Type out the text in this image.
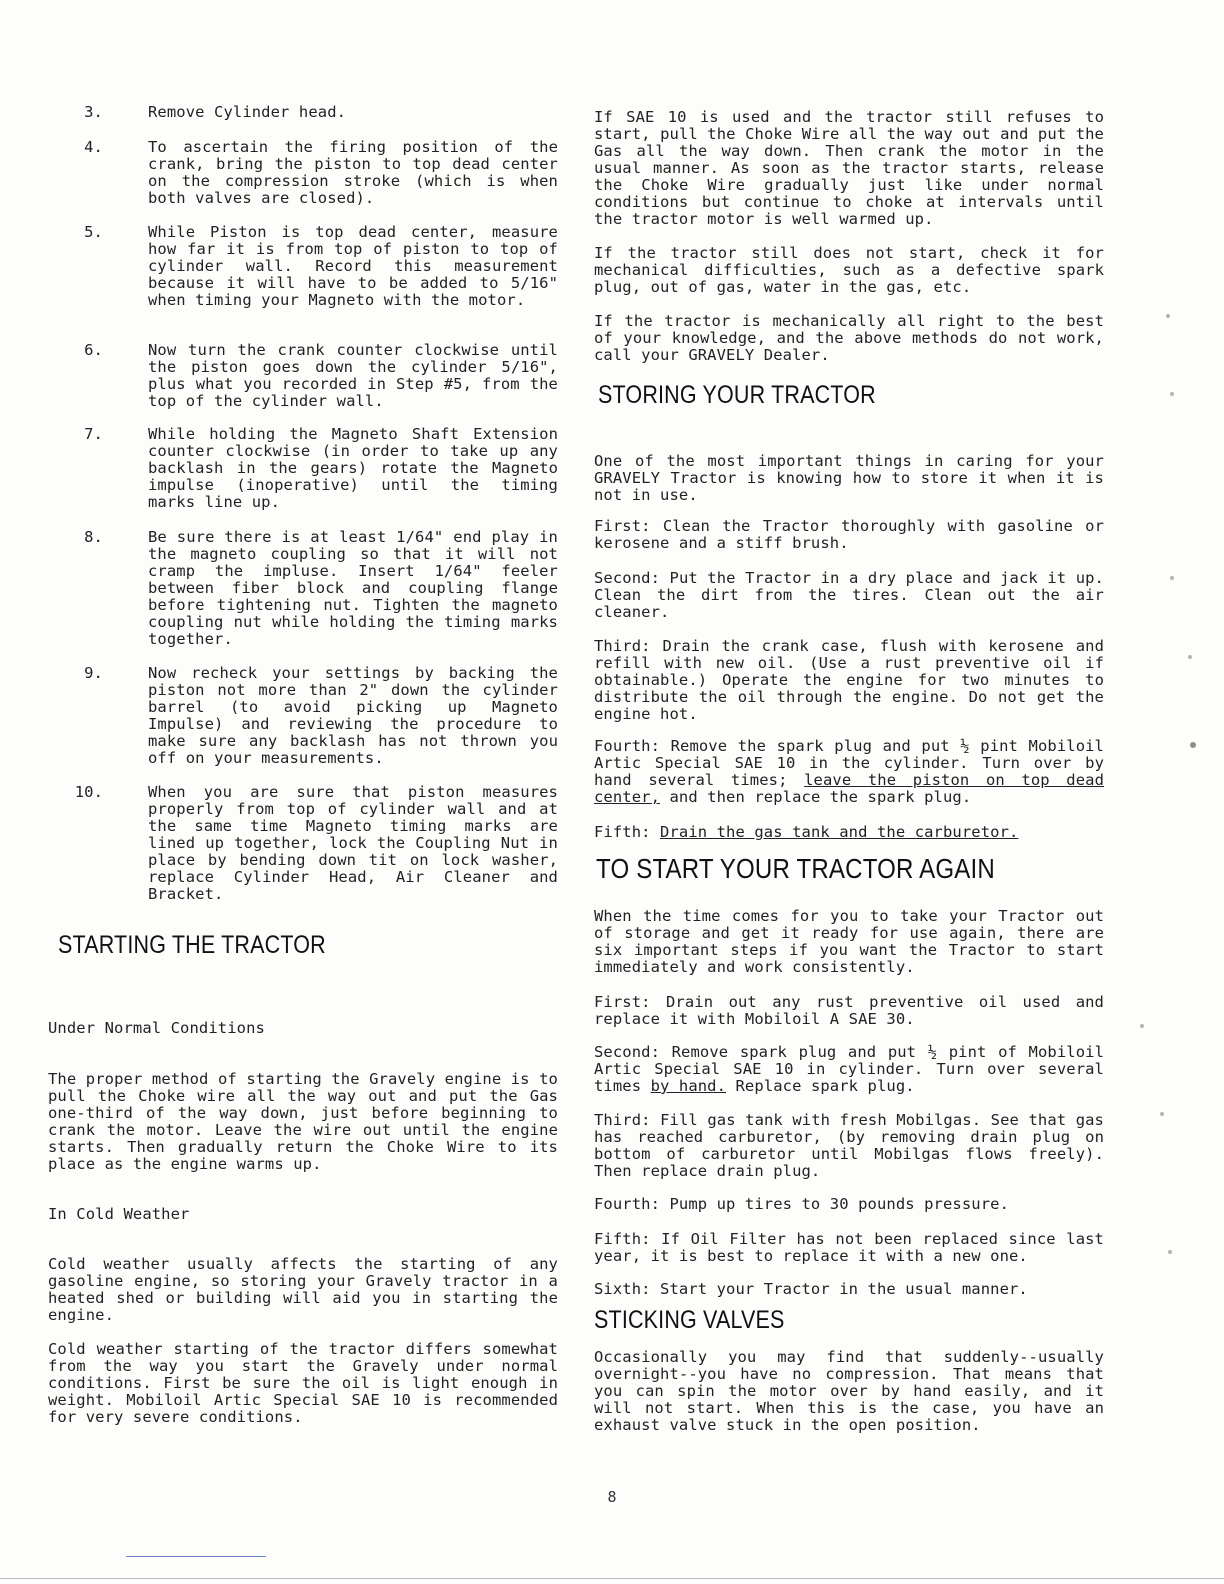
3.	Remove Cylinder head.
4.	To ascertain the firing position of the crank, bring the piston to top dead center on the compression stroke (which is when both valves are closed).
5.	While Piston is top dead center, measure how far it is from top of piston to top of cylinder wall. Record this measurement because it will have to be added to 5/16" when timing your Magneto with the motor.
6.	Now turn the crank counter clockwise until the piston goes down the cylinder 5/16", plus what you recorded in Step #5, from the top of the cylinder wall.
7.	While holding the Magneto Shaft Extension counter clockwise (in order to take up any backlash in the gears) rotate the Magneto impulse (inoperative) until the timing marks line up.
8.	Be sure there is at least 1/64" end play in the magneto coupling so that it will not cramp the impluse. Insert 1/64" feeler between fiber block and coupling flange before tightening nut. Tighten the magneto coupling nut while holding the timing marks together.
9.	Now recheck your settings by backing the piston not more than 2" down the cylinder barrel (to avoid picking up Magneto Impulse) and reviewing the procedure to make sure any backlash has not thrown you off on your measurements.
10.	When you are sure that piston measures properly from top of cylinder wall and at the same time Magneto timing marks are lined up together, lock the Coupling Nut in place by bending down tit on lock washer, replace Cylinder Head, Air Cleaner and Bracket.
STARTING THE TRACTOR
Under Normal Conditions
The proper method of starting the Gravely engine is to pull the Choke wire all the way out and put the Gas one-third of the way down, just before beginning to crank the motor. Leave the wire out until the engine starts. Then gradually return the Choke Wire to its place as the engine warms up.
In Cold Weather
Cold weather usually affects the starting of any gasoline engine, so storing your Gravely tractor in a heated shed or building will aid you in starting the engine.
Cold weather starting of the tractor differs somewhat from the way you start the Gravely under normal conditions. First be sure the oil is light enough in weight. Mobiloil Artic Special SAE 10 is recommended for very severe conditions.
If SAE 10 is used and the tractor still refuses to start, pull the Choke Wire all the way out and put the Gas all the way down. Then crank the motor in the usual manner. As soon as the tractor starts, release the Choke Wire gradually just like under normal conditions but continue to choke at intervals until the tractor motor is well warmed up.
If the tractor still does not start, check it for mechanical difficulties, such as a defective spark plug, out of gas, water in the gas, etc.
If the tractor is mechanically all right to the best of your knowledge, and the above methods do not work, call your GRAVELY Dealer.
STORING YOUR TRACTOR
One of the most important things in caring for your GRAVELY Tractor is knowing how to store it when it is not in use.
First: Clean the Tractor thoroughly with gasoline or kerosene and a stiff brush.
Second: Put the Tractor in a dry place and jack it up. Clean the dirt from the tires. Clean out the air cleaner.
Third: Drain the crank case, flush with kerosene and refill with new oil. (Use a rust preventive oil if obtainable.) Operate the engine for two minutes to distribute the oil through the engine. Do not get the engine hot.
Fourth: Remove the spark plug and put ½ pint Mobiloil Artic Special SAE 10 in the cylinder. Turn over by hand several times; leave the piston on top dead center, and then replace the spark plug.
Fifth: Drain the gas tank and the carburetor.
TO START YOUR TRACTOR AGAIN
When the time comes for you to take your Tractor out of storage and get it ready for use again, there are six important steps if you want the Tractor to start immediately and work consistently.
First: Drain out any rust preventive oil used and replace it with Mobiloil A SAE 30.
Second: Remove spark plug and put ½ pint of Mobiloil Artic Special SAE 10 in cylinder. Turn over several times by hand. Replace spark plug.
Third: Fill gas tank with fresh Mobilgas. See that gas has reached carburetor, (by removing drain plug on bottom of carburetor until Mobilgas flows freely). Then replace drain plug.
Fourth: Pump up tires to 30 pounds pressure.
Fifth: If Oil Filter has not been replaced since last year, it is best to replace it with a new one.
Sixth: Start your Tractor in the usual manner.
STICKING VALVES
Occasionally you may find that suddenly--usually overnight--you have no compression. That means that you can spin the motor over by hand easily, and it will not start. When this is the case, you have an exhaust valve stuck in the open position.
8
